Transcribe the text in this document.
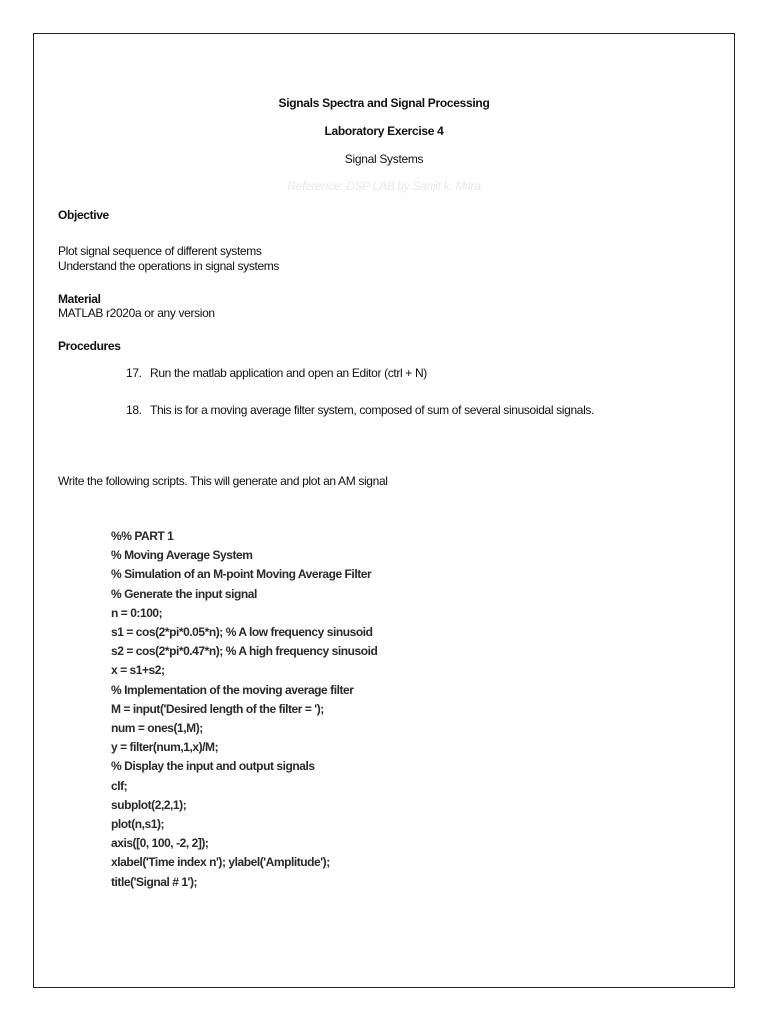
Signals Spectra and Signal Processing
Laboratory Exercise 4
Signal Systems
Reference: DSP LAB by Sanjit k. Mitra
Objective
Plot signal sequence of different systems
Understand the operations in signal systems
Material
MATLAB r2020a or any version
Procedures
17. Run the matlab application and open an Editor (ctrl + N)
18. This is for a moving average filter system, composed of sum of several sinusoidal signals.
Write the following scripts. This will generate and plot an AM signal
%% PART 1
% Moving Average System
% Simulation of an M-point Moving Average Filter
% Generate the input signal
n = 0:100;
s1 = cos(2*pi*0.05*n); % A low frequency sinusoid
s2 = cos(2*pi*0.47*n); % A high frequency sinusoid
x = s1+s2;
% Implementation of the moving average filter
M = input('Desired length of the filter = ');
num = ones(1,M);
y = filter(num,1,x)/M;
% Display the input and output signals
clf;
subplot(2,2,1);
plot(n,s1);
axis([0, 100, -2, 2]);
xlabel('Time index n'); ylabel('Amplitude');
title('Signal # 1');
